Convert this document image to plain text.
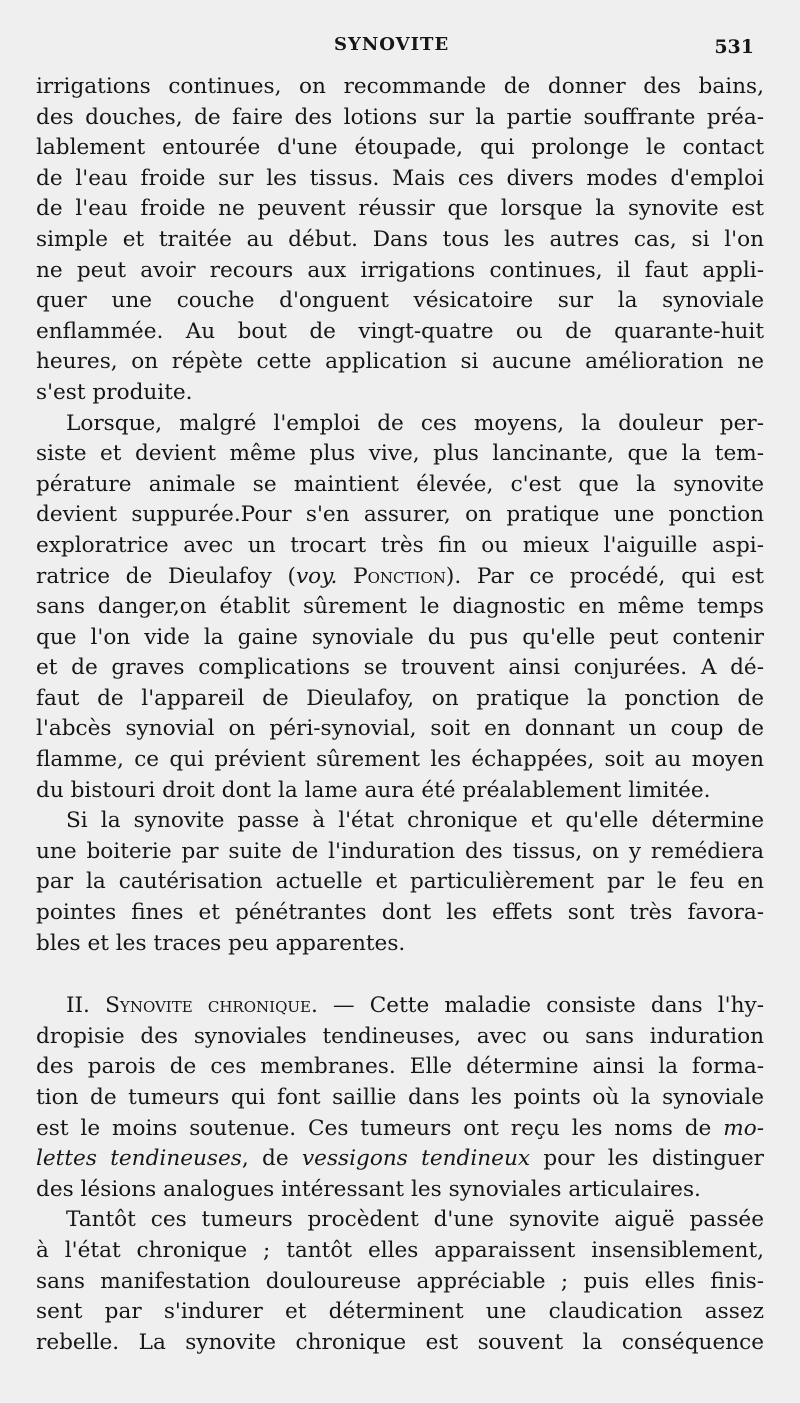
SYNOVITE	531
irrigations continues, on recommande de donner des bains,
des douches, de faire des lotions sur la partie souffrante préa-
lablement entourée d'une étoupade, qui prolonge le contact
de l'eau froide sur les tissus. Mais ces divers modes d'emploi
de l'eau froide ne peuvent réussir que lorsque la synovite est
simple et traitée au début. Dans tous les autres cas, si l'on
ne peut avoir recours aux irrigations continues, il faut appli-
quer une couche d'onguent vésicatoire sur la synoviale
enflammée. Au bout de vingt-quatre ou de quarante-huit
heures, on répète cette application si aucune amélioration ne
s'est produite.
Lorsque, malgré l'emploi de ces moyens, la douleur per-
siste et devient même plus vive, plus lancinante, que la tem-
pérature animale se maintient élevée, c'est que la synovite
devient suppurée.Pour s'en assurer, on pratique une ponction
exploratrice avec un trocart très fin ou mieux l'aiguille aspi-
ratrice de Dieulafoy (voy. Ponction). Par ce procédé, qui est
sans danger,on établit sûrement le diagnostic en même temps
que l'on vide la gaine synoviale du pus qu'elle peut contenir
et de graves complications se trouvent ainsi conjurées. A dé-
faut de l'appareil de Dieulafoy, on pratique la ponction de
l'abcès synovial on péri-synovial, soit en donnant un coup de
flamme, ce qui prévient sûrement les échappées, soit au moyen
du bistouri droit dont la lame aura été préalablement limitée.
Si la synovite passe à l'état chronique et qu'elle détermine
une boiterie par suite de l'induration des tissus, on y remédiera
par la cautérisation actuelle et particulièrement par le feu en
pointes fines et pénétrantes dont les effets sont très favora-
bles et les traces peu apparentes.
II. Synovite chronique. — Cette maladie consiste dans l'hy-
dropisie des synoviales tendineuses, avec ou sans induration
des parois de ces membranes. Elle détermine ainsi la forma-
tion de tumeurs qui font saillie dans les points où la synoviale
est le moins soutenue. Ces tumeurs ont reçu les noms de mo-
lettes tendineuses, de vessigons tendineux pour les distinguer
des lésions analogues intéressant les synoviales articulaires.
Tantôt ces tumeurs procèdent d'une synovite aiguë passée
à l'état chronique ; tantôt elles apparaissent insensiblement,
sans manifestation douloureuse appréciable ; puis elles finis-
sent par s'indurer et déterminent une claudication assez
rebelle. La synovite chronique est souvent la conséquence
